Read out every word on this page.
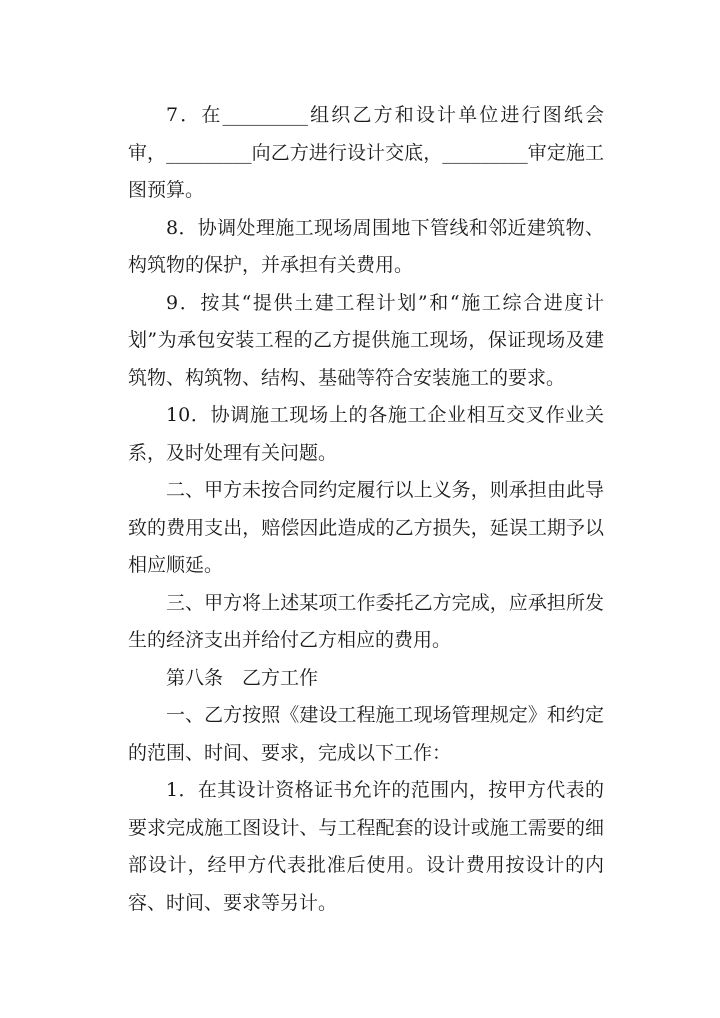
7．在_________组织乙方和设计单位进行图纸会审，_________向乙方进行设计交底，_________审定施工图预算。

8．协调处理施工现场周围地下管线和邻近建筑物、构筑物的保护，并承担有关费用。

9．按其“提供土建工程计划”和“施工综合进度计划”为承包安装工程的乙方提供施工现场，保证现场及建筑物、构筑物、结构、基础等符合安装施工的要求。

10．协调施工现场上的各施工企业相互交叉作业关系，及时处理有关问题。

二、甲方未按合同约定履行以上义务，则承担由此导致的费用支出，赔偿因此造成的乙方损失，延误工期予以相应顺延。

三、甲方将上述某项工作委托乙方完成，应承担所发生的经济支出并给付乙方相应的费用。

第八条　乙方工作

一、乙方按照《建设工程施工现场管理规定》和约定的范围、时间、要求，完成以下工作：

1．在其设计资格证书允许的范围内，按甲方代表的要求完成施工图设计、与工程配套的设计或施工需要的细部设计，经甲方代表批准后使用。设计费用按设计的内容、时间、要求等另计。
